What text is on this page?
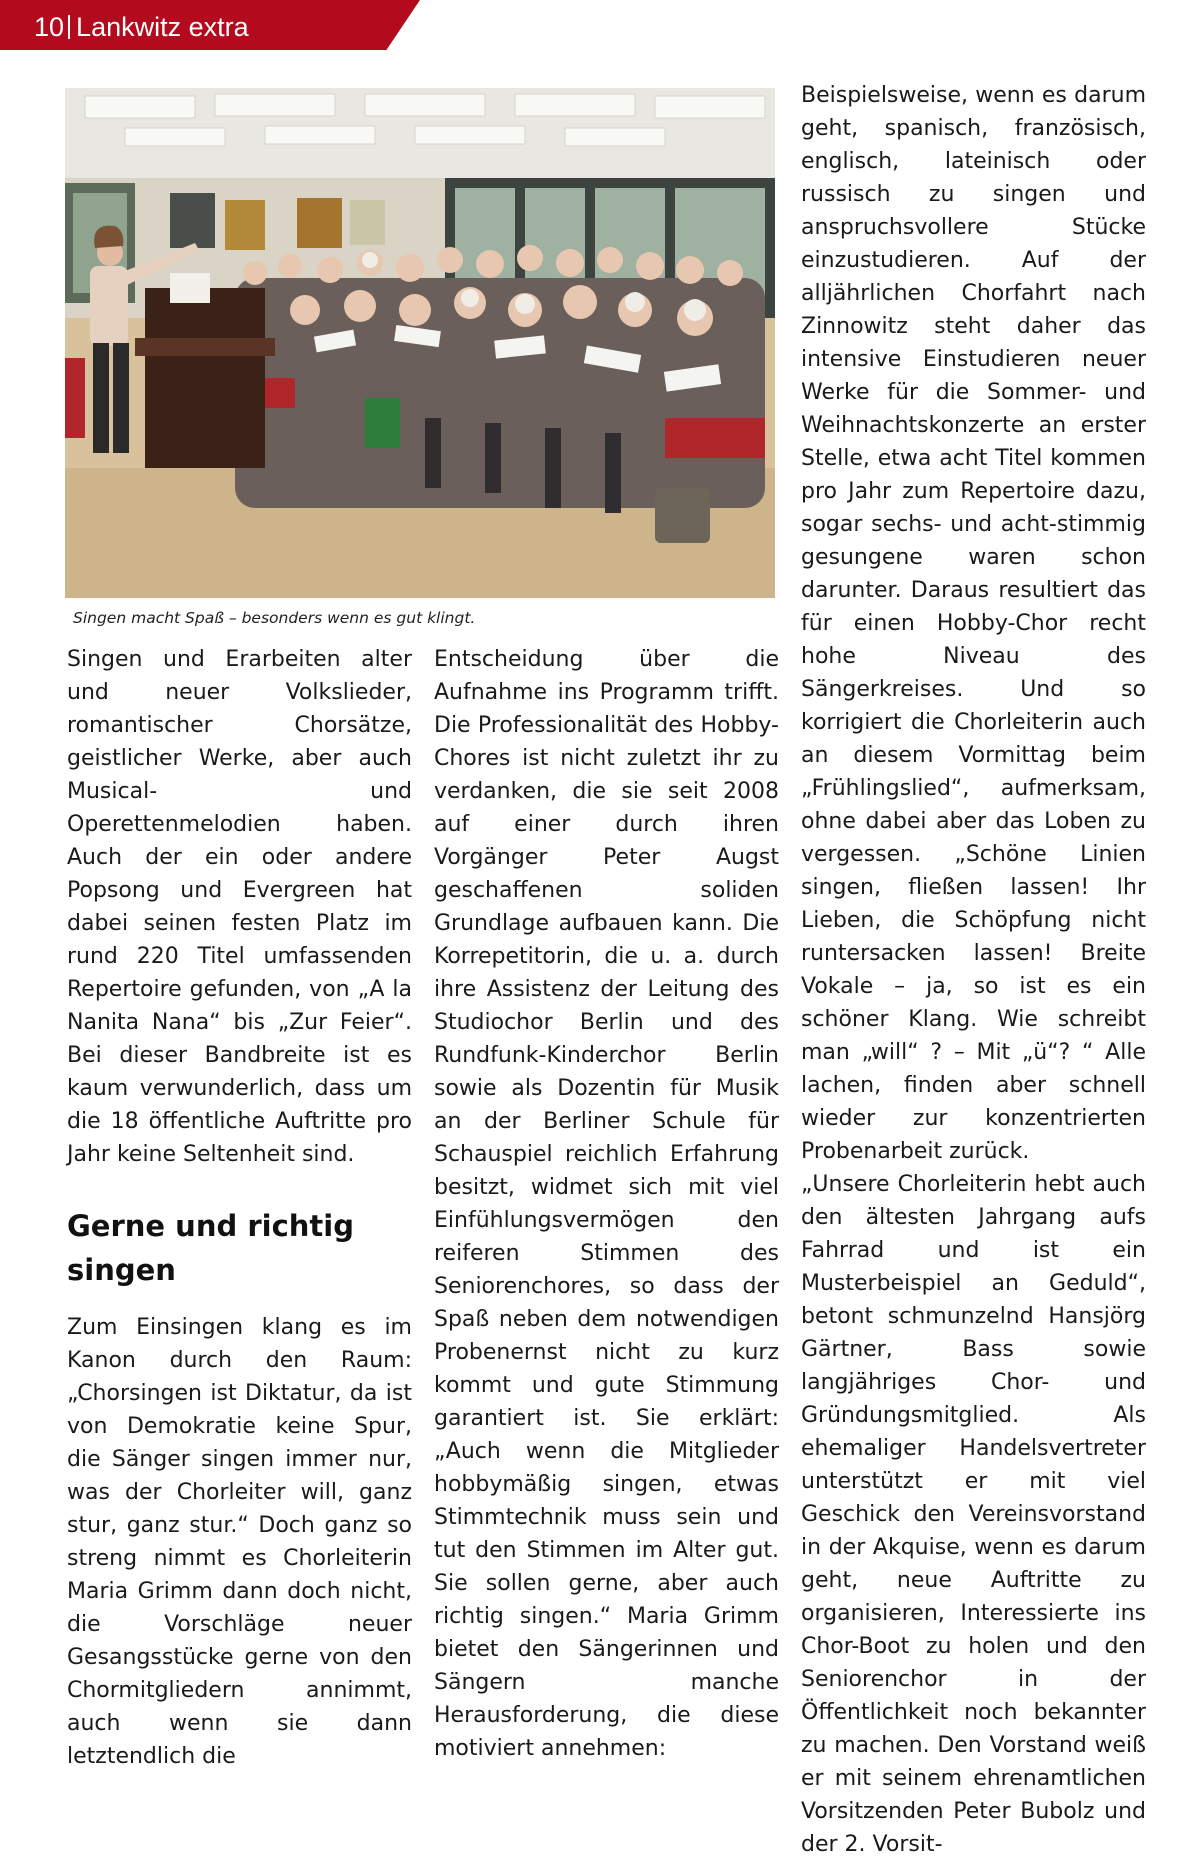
10 Lankwitz extra
Singen macht Spaß – besonders wenn es gut klingt.

Singen und Erarbeiten alter und neuer Volkslieder, romantischer Chorsätze, geistlicher Werke, aber auch Musical- und Operettenmelodien haben. Auch der ein oder andere Popsong und Evergreen hat dabei seinen festen Platz im rund 220 Titel umfassenden Repertoire gefunden, von „A la Nanita Nana“ bis „Zur Feier“. Bei dieser Bandbreite ist es kaum verwunderlich, dass um die 18 öffentliche Auftritte pro Jahr keine Seltenheit sind.

Gerne und richtig singen

Zum Einsingen klang es im Kanon durch den Raum: „Chorsingen ist Diktatur, da ist von Demokratie keine Spur, die Sänger singen immer nur, was der Chorleiter will, ganz stur, ganz stur.“ Doch ganz so streng nimmt es Chorleiterin Maria Grimm dann doch nicht, die Vorschläge neuer Gesangsstücke gerne von den Chormitgliedern annimmt, auch wenn sie dann letztendlich die

Entscheidung über die Aufnahme ins Programm trifft. Die Professionalität des Hobby-Chores ist nicht zuletzt ihr zu verdanken, die sie seit 2008 auf einer durch ihren Vorgänger Peter Augst geschaffenen soliden Grundlage aufbauen kann. Die Korrepetitorin, die u. a. durch ihre Assistenz der Leitung des Studiochor Berlin und des Rundfunk-Kinderchor Berlin sowie als Dozentin für Musik an der Berliner Schule für Schauspiel reichlich Erfahrung besitzt, widmet sich mit viel Einfühlungsvermögen den reiferen Stimmen des Seniorenchores, so dass der Spaß neben dem notwendigen Probenernst nicht zu kurz kommt und gute Stimmung garantiert ist. Sie erklärt: „Auch wenn die Mitglieder hobbymäßig singen, etwas Stimmtechnik muss sein und tut den Stimmen im Alter gut. Sie sollen gerne, aber auch richtig singen.“ Maria Grimm bietet den Sängerinnen und Sängern manche Herausforderung, die diese motiviert annehmen:

Beispielsweise, wenn es darum geht, spanisch, französisch, englisch, lateinisch oder russisch zu singen und anspruchsvollere Stücke einzustudieren. Auf der alljährlichen Chorfahrt nach Zinnowitz steht daher das intensive Einstudieren neuer Werke für die Sommer- und Weihnachtskonzerte an erster Stelle, etwa acht Titel kommen pro Jahr zum Repertoire dazu, sogar sechs- und acht-stimmig gesungene waren schon darunter. Daraus resultiert das für einen Hobby-Chor recht hohe Niveau des Sängerkreises. Und so korrigiert die Chorleiterin auch an diesem Vormittag beim „Frühlingslied“, aufmerksam, ohne dabei aber das Loben zu vergessen. „Schöne Linien singen, fließen lassen! Ihr Lieben, die Schöpfung nicht runtersacken lassen! Breite Vokale – ja, so ist es ein schöner Klang. Wie schreibt man „will“ ? – Mit „ü“? “ Alle lachen, finden aber schnell wieder zur konzentrierten Probenarbeit zurück.

„Unsere Chorleiterin hebt auch den ältesten Jahrgang aufs Fahrrad und ist ein Musterbeispiel an Geduld“, betont schmunzelnd Hansjörg Gärtner, Bass sowie langjähriges Chor- und Gründungsmitglied. Als ehemaliger Handelsvertreter unterstützt er mit viel Geschick den Vereinsvorstand in der Akquise, wenn es darum geht, neue Auftritte zu organisieren, Interessierte ins Chor-Boot zu holen und den Seniorenchor in der Öffentlichkeit noch bekannter zu machen. Den Vorstand weiß er mit seinem ehrenamtlichen Vorsitzenden Peter Bubolz und der 2. Vorsit-
